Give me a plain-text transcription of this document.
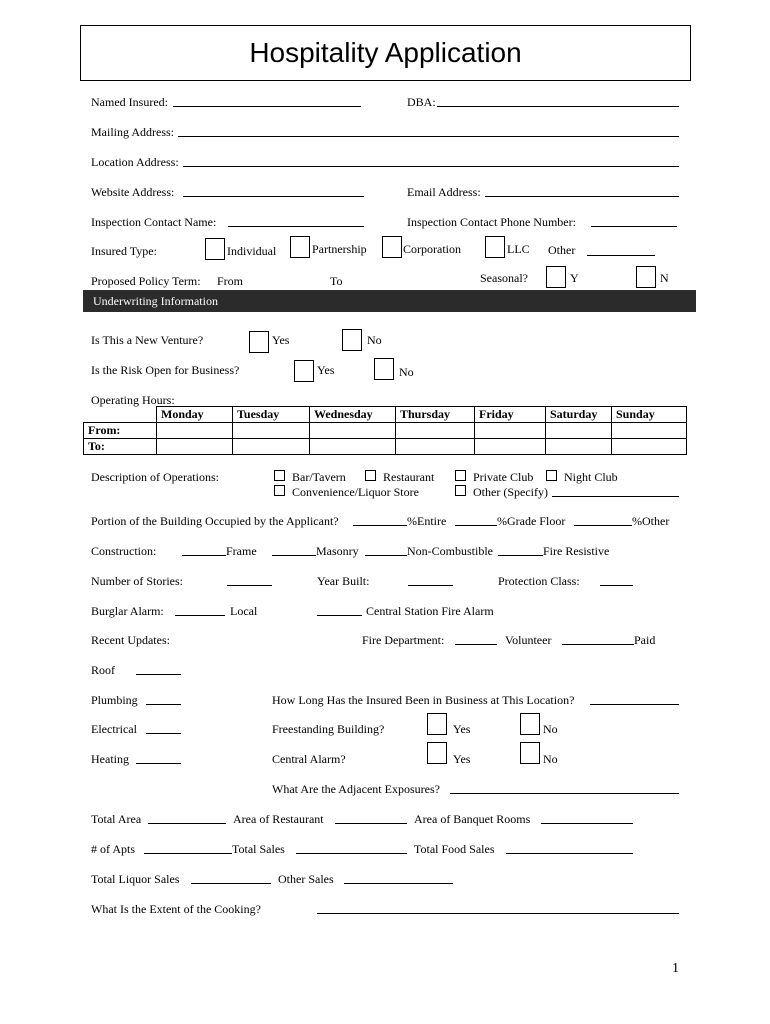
Hospitality Application
Named Insured:	DBA:
Mailing Address:
Location Address:
Website Address:	Email Address:
Inspection Contact Name:	Inspection Contact Phone Number:
Insured Type:	Individual	Partnership	Corporation	LLC Other
Proposed Policy Term: From	To	Seasonal?	Y	N
Underwriting Information
Is This a New Venture?	Yes	No
Is the Risk Open for Business?	Yes	No
Operating Hours:
	Monday	Tuesday	Wednesday	Thursday	Friday	Saturday	Sunday
From:							
To:							
Description of Operations:	Bar/Tavern	Restaurant	Private Club	Night Club
Convenience/Liquor Store	Other (Specify)
Portion of the Building Occupied by the Applicant?	%Entire	%Grade Floor	%Other
Construction:	Frame	Masonry	Non-Combustible	Fire Resistive
Number of Stories:	Year Built:	Protection Class:
Burglar Alarm:	Local	Central Station Fire Alarm
Recent Updates:	Fire Department:	Volunteer	Paid
Roof
Plumbing	How Long Has the Insured Been in Business at This Location?
Electrical	Freestanding Building?	Yes	No
Heating	Central Alarm?	Yes	No
What Are the Adjacent Exposures?
Total Area	Area of Restaurant	Area of Banquet Rooms
# of Apts	Total Sales	Total Food Sales
Total Liquor Sales	Other Sales
What Is the Extent of the Cooking?
1
